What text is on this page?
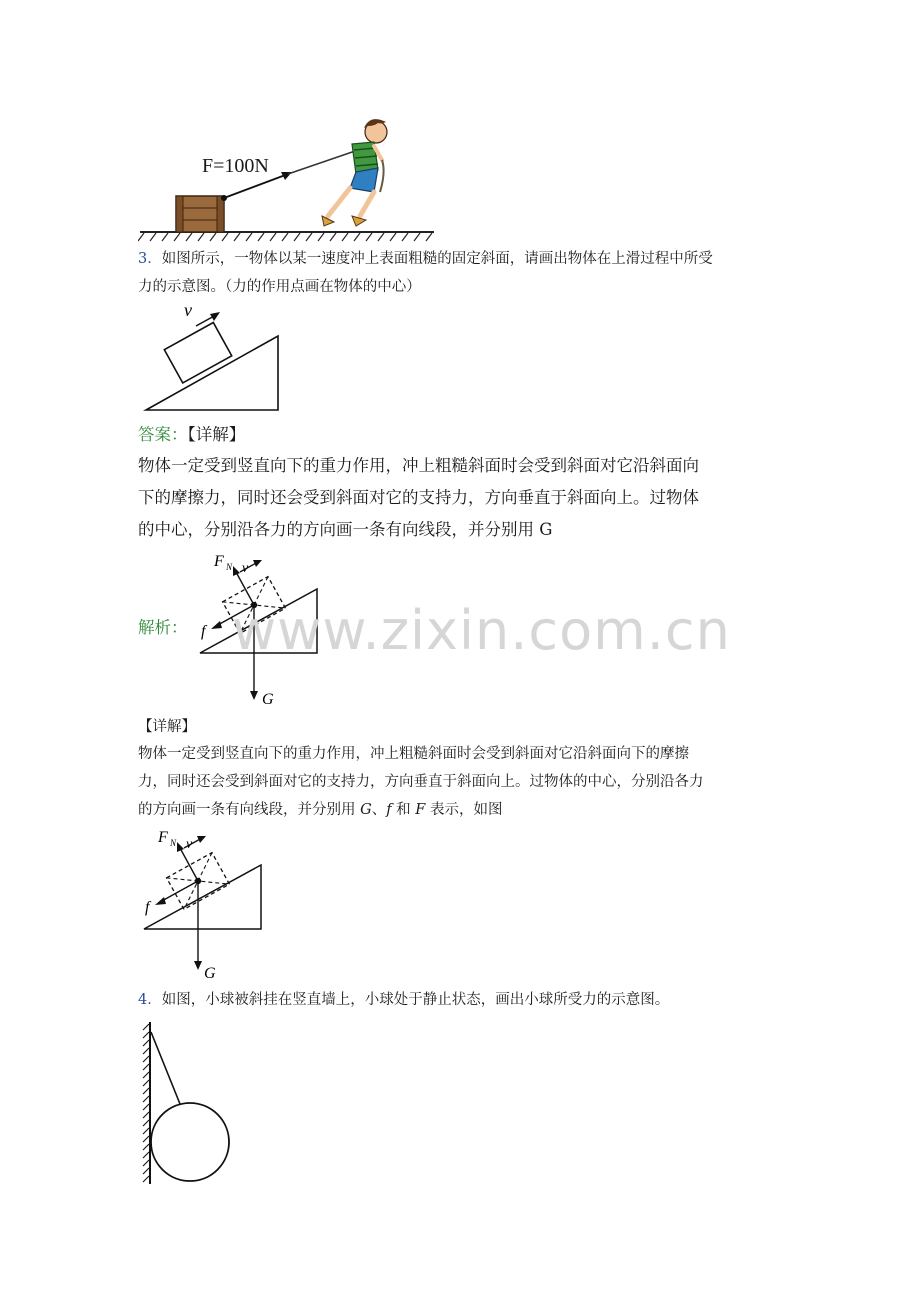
F=100N
3．如图所示，一物体以某一速度冲上表面粗糙的固定斜面，请画出物体在上滑过程中所受
力的示意图。（力的作用点画在物体的中心）
v
答案：【详解】
物体一定受到竖直向下的重力作用，冲上粗糙斜面时会受到斜面对它沿斜面向
下的摩擦力，同时还会受到斜面对它的支持力，方向垂直于斜面向上。过物体
的中心，分别沿各力的方向画一条有向线段，并分别用 G
解析：
F N v
f
G
www.zixin.com.cn
【详解】
物体一定受到竖直向下的重力作用，冲上粗糙斜面时会受到斜面对它沿斜面向下的摩擦
力，同时还会受到斜面对它的支持力，方向垂直于斜面向上。过物体的中心，分别沿各力
的方向画一条有向线段，并分别用 G、f 和 F 表示，如图
F N v
f
G
4．如图，小球被斜挂在竖直墙上，小球处于静止状态，画出小球所受力的示意图。
